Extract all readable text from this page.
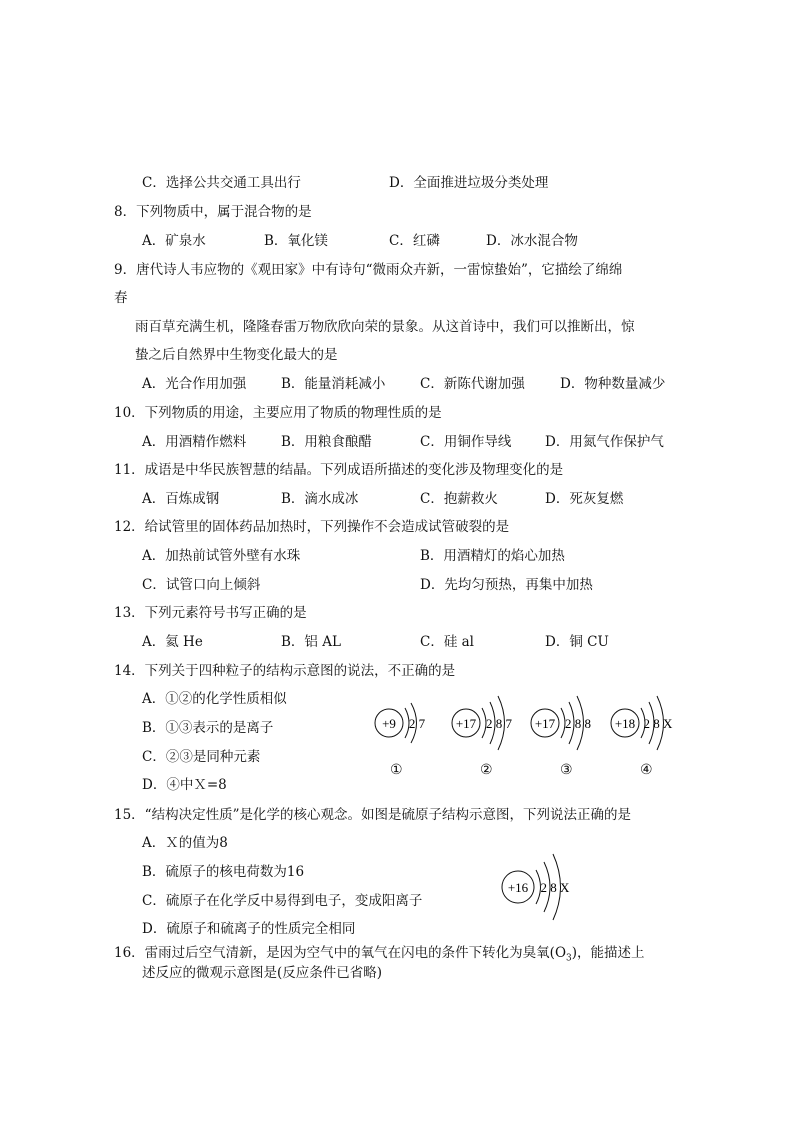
C．选择公共交通工具出行	D．全面推进垃圾分类处理
8．下列物质中，属于混合物的是
A．矿泉水	B．氧化镁	C．红磷	D．冰水混合物
9．唐代诗人韦应物的《观田家》中有诗句“微雨众卉新，一雷惊蛰始”，它描绘了绵绵
春
雨百草充满生机，隆隆春雷万物欣欣向荣的景象。从这首诗中，我们可以推断出，惊
蛰之后自然界中生物变化最大的是
A．光合作用加强	B．能量消耗减小	C．新陈代谢加强	D．物种数量减少
10．下列物质的用途，主要应用了物质的物理性质的是
A．用酒精作燃料	B．用粮食酿醋	C．用铜作导线 D．用氮气作保护气
11．成语是中华民族智慧的结晶。下列成语所描述的变化涉及物理变化的是
A．百炼成钢	B．滴水成冰	C．抱薪救火	D．死灰复燃
12．给试管里的固体药品加热时，下列操作不会造成试管破裂的是
A．加热前试管外壁有水珠	B．用酒精灯的焰心加热
C．试管口向上倾斜	D．先均匀预热，再集中加热
13．下列元素符号书写正确的是
A．氦 He	B．铝 AL	C．硅 al	D．铜 CU
14．下列关于四种粒子的结构示意图的说法，不正确的是
A．①②的化学性质相似
B．①③表示的是离子
C．②③是同种元素
D．④中Ｘ=8
+9 2 7
①
+17 2 8 7
②
+17 2 8 8
③
+18 2 8 X
④
15．“结构决定性质”是化学的核心观念。如图是硫原子结构示意图，下列说法正确的是
A．Ｘ的值为8
B．硫原子的核电荷数为16
C．硫原子在化学反中易得到电子，变成阳离子
D．硫原子和硫离子的性质完全相同
+16 2 8 X
16．雷雨过后空气清新，是因为空气中的氧气在闪电的条件下转化为臭氧$(O_3)$，能描述上
述反应的微观示意图是(反应条件已省略)
